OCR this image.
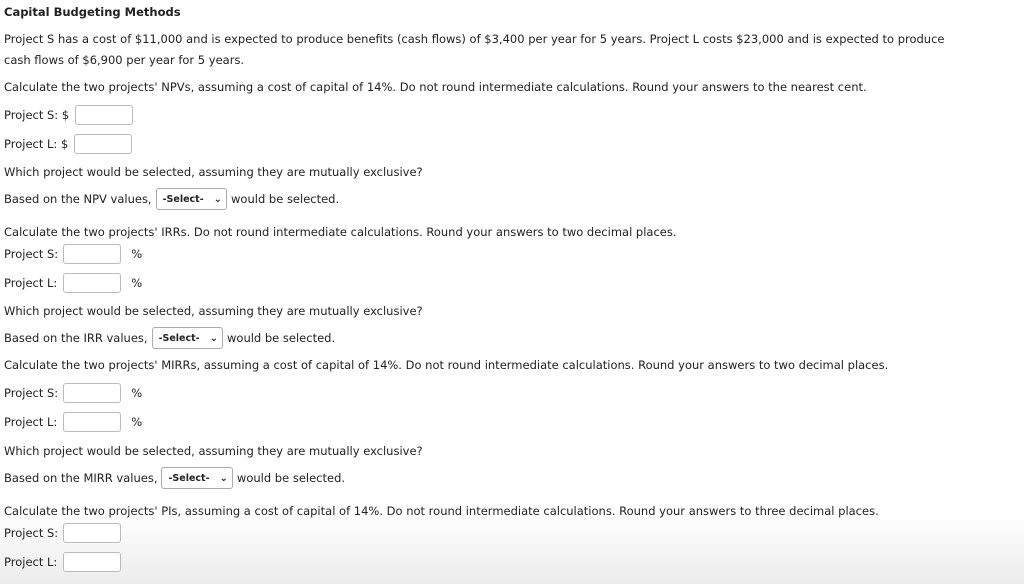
Capital Budgeting Methods
Project S has a cost of $11,000 and is expected to produce benefits (cash flows) of $3,400 per year for 5 years. Project L costs $23,000 and is expected to produce
cash flows of $6,900 per year for 5 years.
Calculate the two projects' NPVs, assuming a cost of capital of 14%. Do not round intermediate calculations. Round your answers to the nearest cent.
Project S: $
Project L: $
Which project would be selected, assuming they are mutually exclusive?
Based on the NPV values, -Select- ⌄ would be selected.
Calculate the two projects' IRRs. Do not round intermediate calculations. Round your answers to two decimal places.
Project S:	%
Project L:	%
Which project would be selected, assuming they are mutually exclusive?
Based on the IRR values, -Select- ⌄ would be selected.
Calculate the two projects' MIRRs, assuming a cost of capital of 14%. Do not round intermediate calculations. Round your answers to two decimal places.
Project S:	%
Project L:	%
Which project would be selected, assuming they are mutually exclusive?
Based on the MIRR values, -Select- ⌄ would be selected.
Calculate the two projects' PIs, assuming a cost of capital of 14%. Do not round intermediate calculations. Round your answers to three decimal places.
Project S:
Project L:
